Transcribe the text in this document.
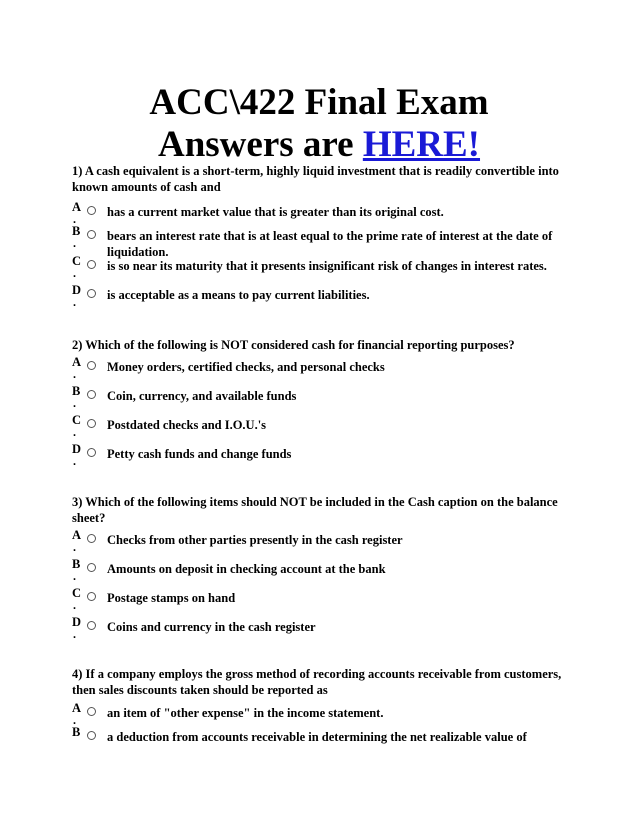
ACC\422 Final Exam
Answers are HERE!
1) A cash equivalent is a short-term, highly liquid investment that is readily convertible into known amounts of cash and
A
. has a current market value that is greater than its original cost.
B
. bears an interest rate that is at least equal to the prime rate of interest at the date of liquidation.
C
. is so near its maturity that it presents insignificant risk of changes in interest rates.
D
. is acceptable as a means to pay current liabilities.
2) Which of the following is NOT considered cash for financial reporting purposes?
A
. Money orders, certified checks, and personal checks
B
. Coin, currency, and available funds
C
. Postdated checks and I.O.U.'s
D
. Petty cash funds and change funds
3) Which of the following items should NOT be included in the Cash caption on the balance sheet?
A
. Checks from other parties presently in the cash register
B
. Amounts on deposit in checking account at the bank
C
. Postage stamps on hand
D
. Coins and currency in the cash register
4) If a company employs the gross method of recording accounts receivable from customers, then sales discounts taken should be reported as
A
. an item of "other expense" in the income statement.
B a deduction from accounts receivable in determining the net realizable value of
